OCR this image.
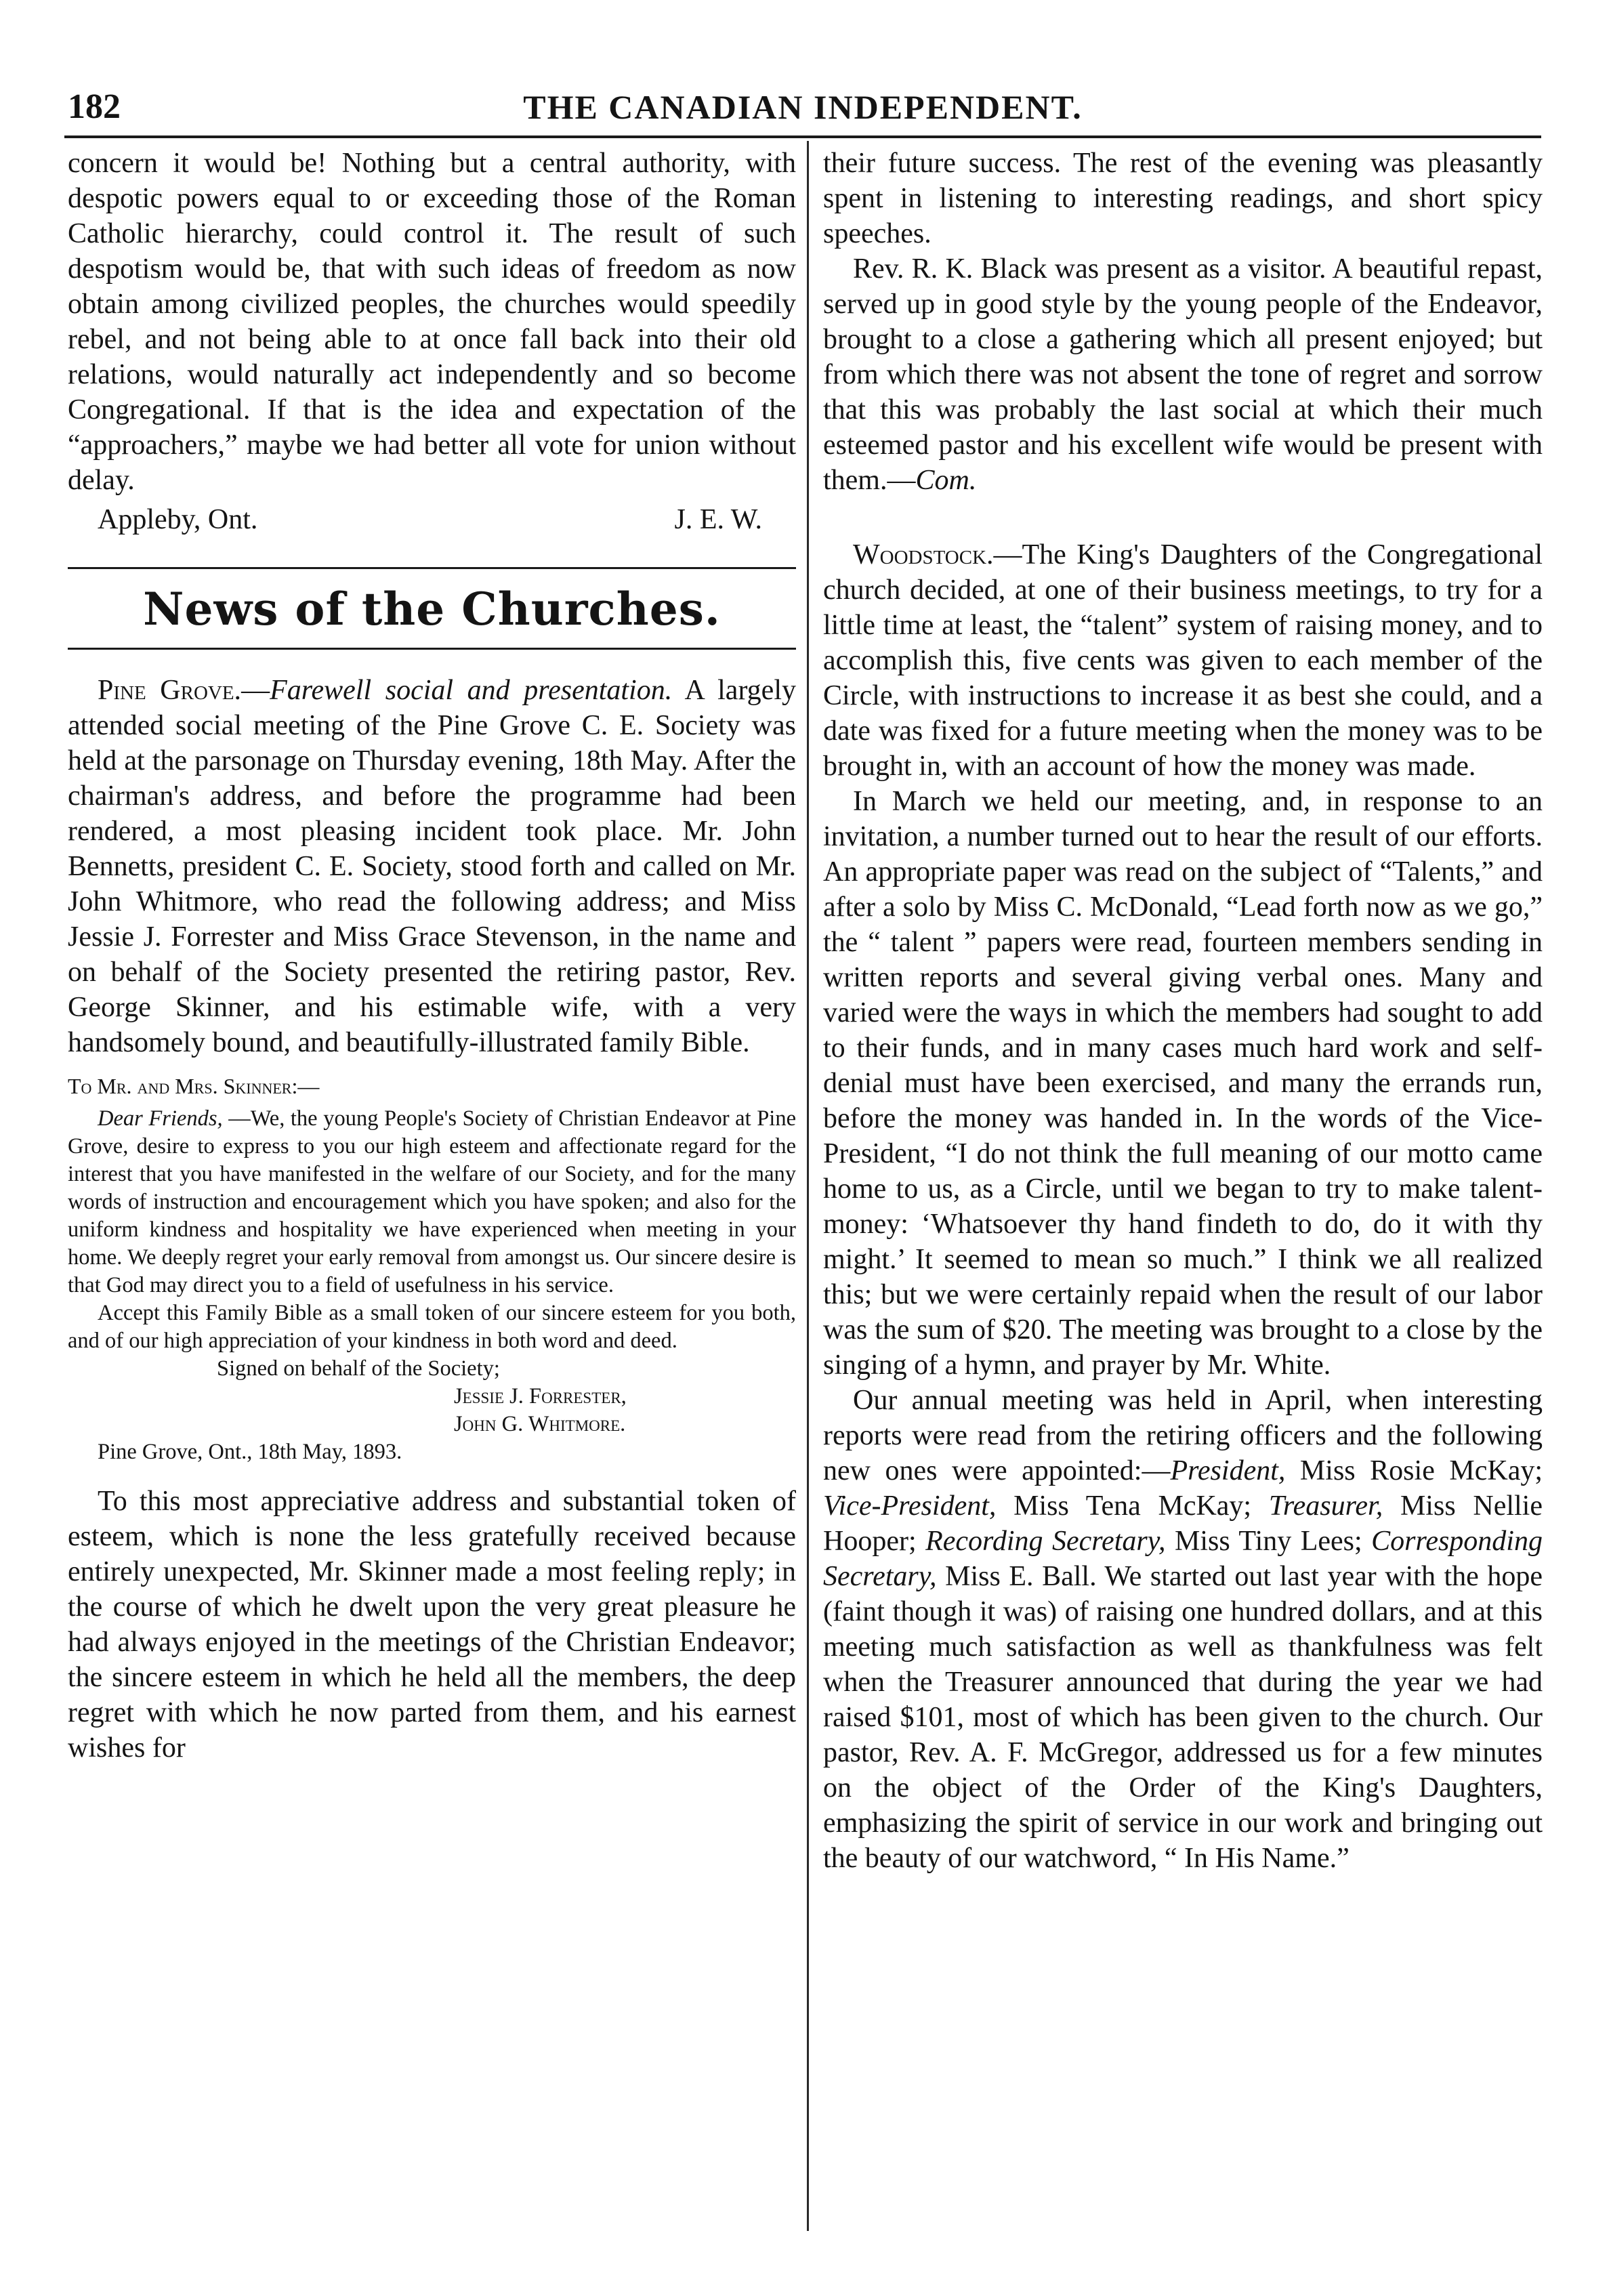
182	THE CANADIAN INDEPENDENT.

concern it would be! Nothing but a central authority, with despotic powers equal to or exceeding those of the Roman Catholic hierarchy, could control it. The result of such despotism would be, that with such ideas of freedom as now obtain among civilized peoples, the churches would speedily rebel, and not being able to at once fall back into their old relations, would naturally act independently and so become Congregational. If that is the idea and expectation of the “approachers,” maybe we had better all vote for union without delay.

Appleby, Ont.	J. E. W.
News of the Churches.

Pine Grove.—Farewell social and presentation. A largely attended social meeting of the Pine Grove C. E. Society was held at the parsonage on Thursday evening, 18th May. After the chairman's address, and before the programme had been rendered, a most pleasing incident took place. Mr. John Bennetts, president C. E. Society, stood forth and called on Mr. John Whitmore, who read the following address; and Miss Jessie J. Forrester and Miss Grace Stevenson, in the name and on behalf of the Society presented the retiring pastor, Rev. George Skinner, and his estimable wife, with a very handsomely bound, and beautifully-illustrated family Bible.

To Mr. and Mrs. Skinner:—

Dear Friends, —We, the young People's Society of Christian Endeavor at Pine Grove, desire to express to you our high esteem and affectionate regard for the interest that you have manifested in the welfare of our Society, and for the many words of instruction and encouragement which you have spoken; and also for the uniform kindness and hospitality we have experienced when meeting in your home. We deeply regret your early removal from amongst us. Our sincere desire is that God may direct you to a field of usefulness in his service.

Accept this Family Bible as a small token of our sincere esteem for you both, and of our high appreciation of your kindness in both word and deed.

Signed on behalf of the Society;

Jessie J. Forrester,

John G. Whitmore.

Pine Grove, Ont., 18th May, 1893.

To this most appreciative address and substantial token of esteem, which is none the less gratefully received because entirely unexpected, Mr. Skinner made a most feeling reply; in the course of which he dwelt upon the very great pleasure he had always enjoyed in the meetings of the Christian Endeavor; the sincere esteem in which he held all the members, the deep regret with which he now parted from them, and his earnest wishes for

their future success. The rest of the evening was pleasantly spent in listening to interesting readings, and short spicy speeches.

Rev. R. K. Black was present as a visitor. A beautiful repast, served up in good style by the young people of the Endeavor, brought to a close a gathering which all present enjoyed; but from which there was not absent the tone of regret and sorrow that this was probably the last social at which their much esteemed pastor and his excellent wife would be present with them.—Com.

Woodstock.—The King's Daughters of the Congregational church decided, at one of their business meetings, to try for a little time at least, the “talent” system of raising money, and to accomplish this, five cents was given to each member of the Circle, with instructions to increase it as best she could, and a date was fixed for a future meeting when the money was to be brought in, with an account of how the money was made.

In March we held our meeting, and, in response to an invitation, a number turned out to hear the result of our efforts. An appropriate paper was read on the subject of “Talents,” and after a solo by Miss C. McDonald, “Lead forth now as we go,” the “ talent ” papers were read, fourteen members sending in written reports and several giving verbal ones. Many and varied were the ways in which the members had sought to add to their funds, and in many cases much hard work and self-denial must have been exercised, and many the errands run, before the money was handed in. In the words of the Vice-President, “I do not think the full meaning of our motto came home to us, as a Circle, until we began to try to make talent-money: ‘Whatsoever thy hand findeth to do, do it with thy might.’ It seemed to mean so much.” I think we all realized this; but we were certainly repaid when the result of our labor was the sum of $20. The meeting was brought to a close by the singing of a hymn, and prayer by Mr. White.

Our annual meeting was held in April, when interesting reports were read from the retiring officers and the following new ones were appointed:—President, Miss Rosie McKay; Vice-President, Miss Tena McKay; Treasurer, Miss Nellie Hooper; Recording Secretary, Miss Tiny Lees; Corresponding Secretary, Miss E. Ball. We started out last year with the hope (faint though it was) of raising one hundred dollars, and at this meeting much satisfaction as well as thankfulness was felt when the Treasurer announced that during the year we had raised $101, most of which has been given to the church. Our pastor, Rev. A. F. McGregor, addressed us for a few minutes on the object of the Order of the King's Daughters, emphasizing the spirit of service in our work and bringing out the beauty of our watchword, “ In His Name.”
